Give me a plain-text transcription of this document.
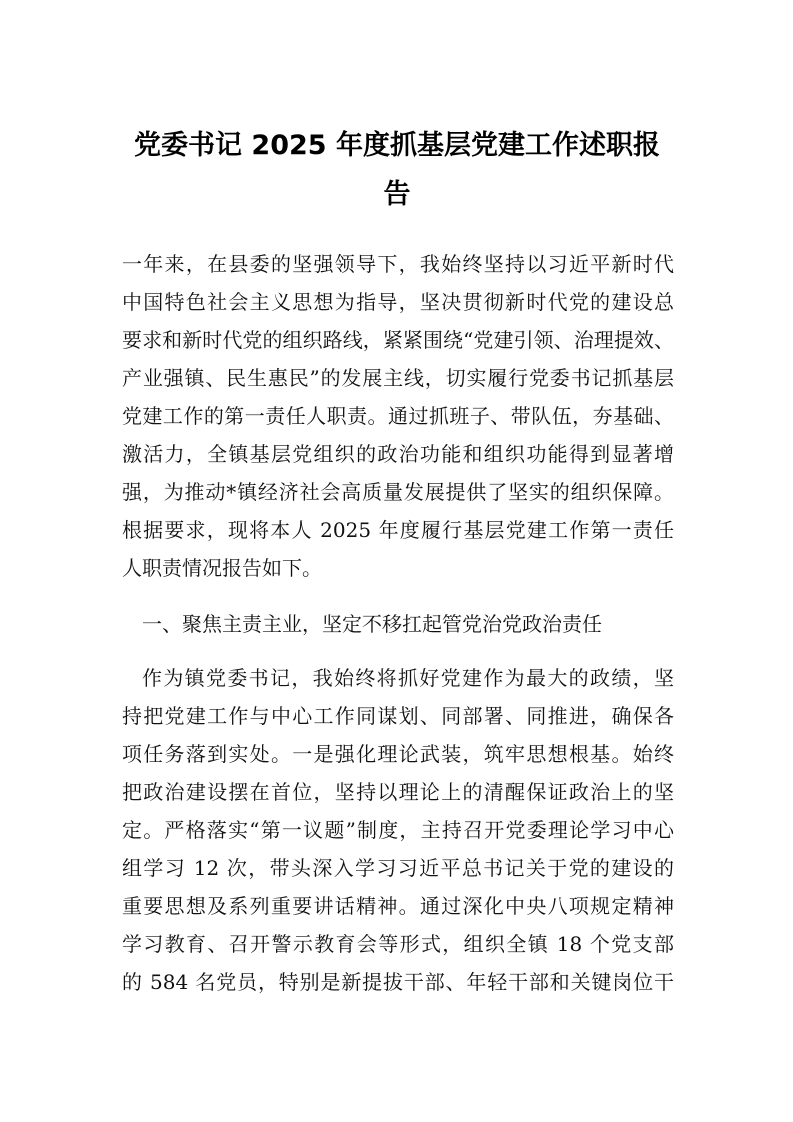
党委书记 2025 年度抓基层党建工作述职报
告
一年来，在县委的坚强领导下，我始终坚持以习近平新时代
中国特色社会主义思想为指导，坚决贯彻新时代党的建设总
要求和新时代党的组织路线，紧紧围绕“党建引领、治理提效、
产业强镇、民生惠民”的发展主线，切实履行党委书记抓基层
党建工作的第一责任人职责。通过抓班子、带队伍，夯基础、
激活力，全镇基层党组织的政治功能和组织功能得到显著增
强，为推动*镇经济社会高质量发展提供了坚实的组织保障。
根据要求，现将本人 2025 年度履行基层党建工作第一责任
人职责情况报告如下。
一、聚焦主责主业，坚定不移扛起管党治党政治责任
作为镇党委书记，我始终将抓好党建作为最大的政绩，坚
持把党建工作与中心工作同谋划、同部署、同推进，确保各
项任务落到实处。一是强化理论武装，筑牢思想根基。始终
把政治建设摆在首位，坚持以理论上的清醒保证政治上的坚
定。严格落实“第一议题”制度，主持召开党委理论学习中心
组学习 12 次，带头深入学习习近平总书记关于党的建设的
重要思想及系列重要讲话精神。通过深化中央八项规定精神
学习教育、召开警示教育会等形式，组织全镇 18 个党支部
的 584 名党员，特别是新提拔干部、年轻干部和关键岗位干
